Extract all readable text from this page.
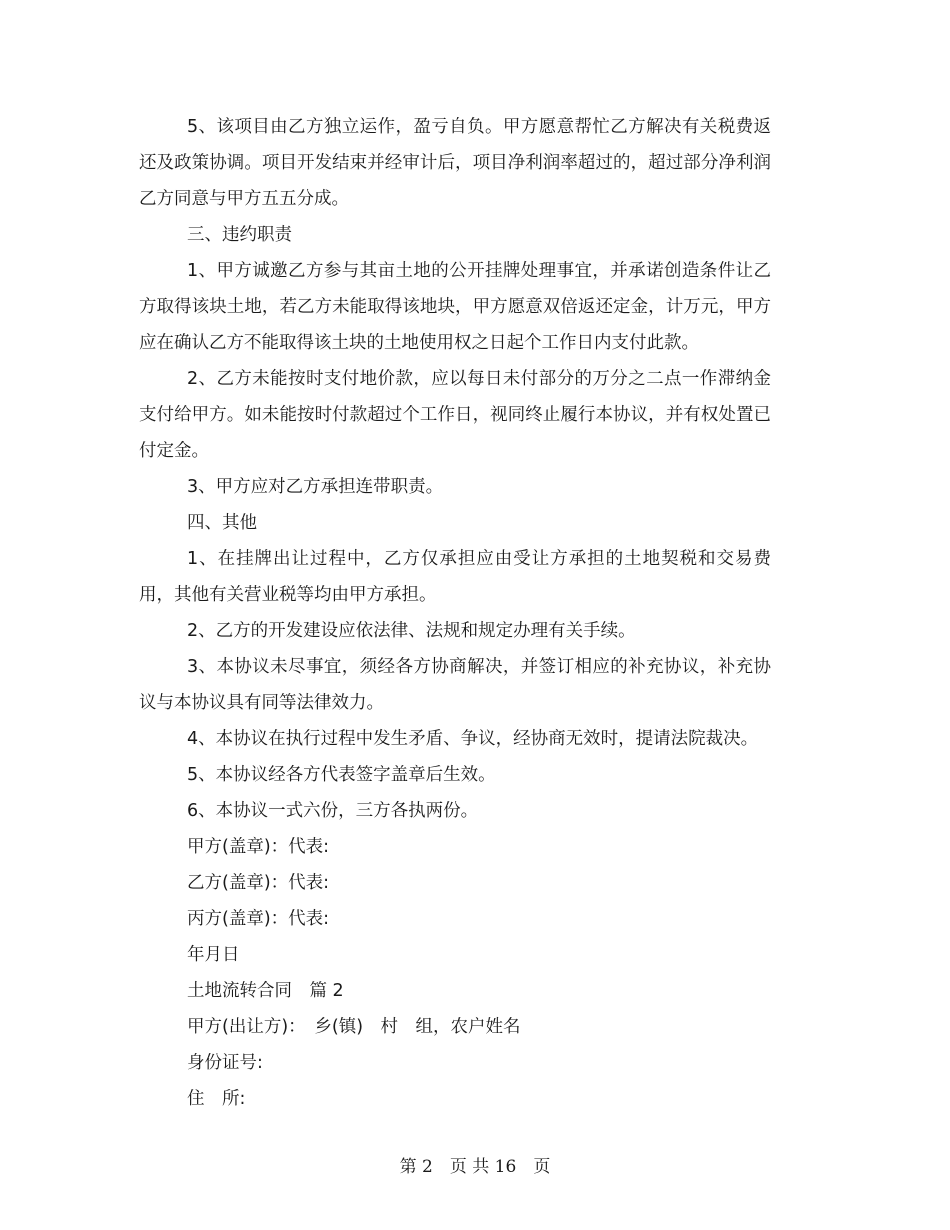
5、该项目由乙方独立运作，盈亏自负。甲方愿意帮忙乙方解决有关税费返还及政策协调。项目开发结束并经审计后，项目净利润率超过的，超过部分净利润乙方同意与甲方五五分成。

三、违约职责

1、甲方诚邀乙方参与其亩土地的公开挂牌处理事宜，并承诺创造条件让乙方取得该块土地，若乙方未能取得该地块，甲方愿意双倍返还定金，计万元，甲方应在确认乙方不能取得该土块的土地使用权之日起个工作日内支付此款。

2、乙方未能按时支付地价款，应以每日未付部分的万分之二点一作滞纳金支付给甲方。如未能按时付款超过个工作日，视同终止履行本协议，并有权处置已付定金。

3、甲方应对乙方承担连带职责。

四、其他

1、在挂牌出让过程中，乙方仅承担应由受让方承担的土地契税和交易费用，其他有关营业税等均由甲方承担。

2、乙方的开发建设应依法律、法规和规定办理有关手续。

3、本协议未尽事宜，须经各方协商解决，并签订相应的补充协议，补充协议与本协议具有同等法律效力。

4、本协议在执行过程中发生矛盾、争议，经协商无效时，提请法院裁决。

5、本协议经各方代表签字盖章后生效。

6、本协议一式六份，三方各执两份。

甲方(盖章)：代表:

乙方(盖章)：代表:

丙方(盖章)：代表:

年月日

土地流转合同　篇 2

甲方(出让方)：　乡(镇)　村　组，农户姓名

身份证号:

住　所:

第 2　页 共 16　页
